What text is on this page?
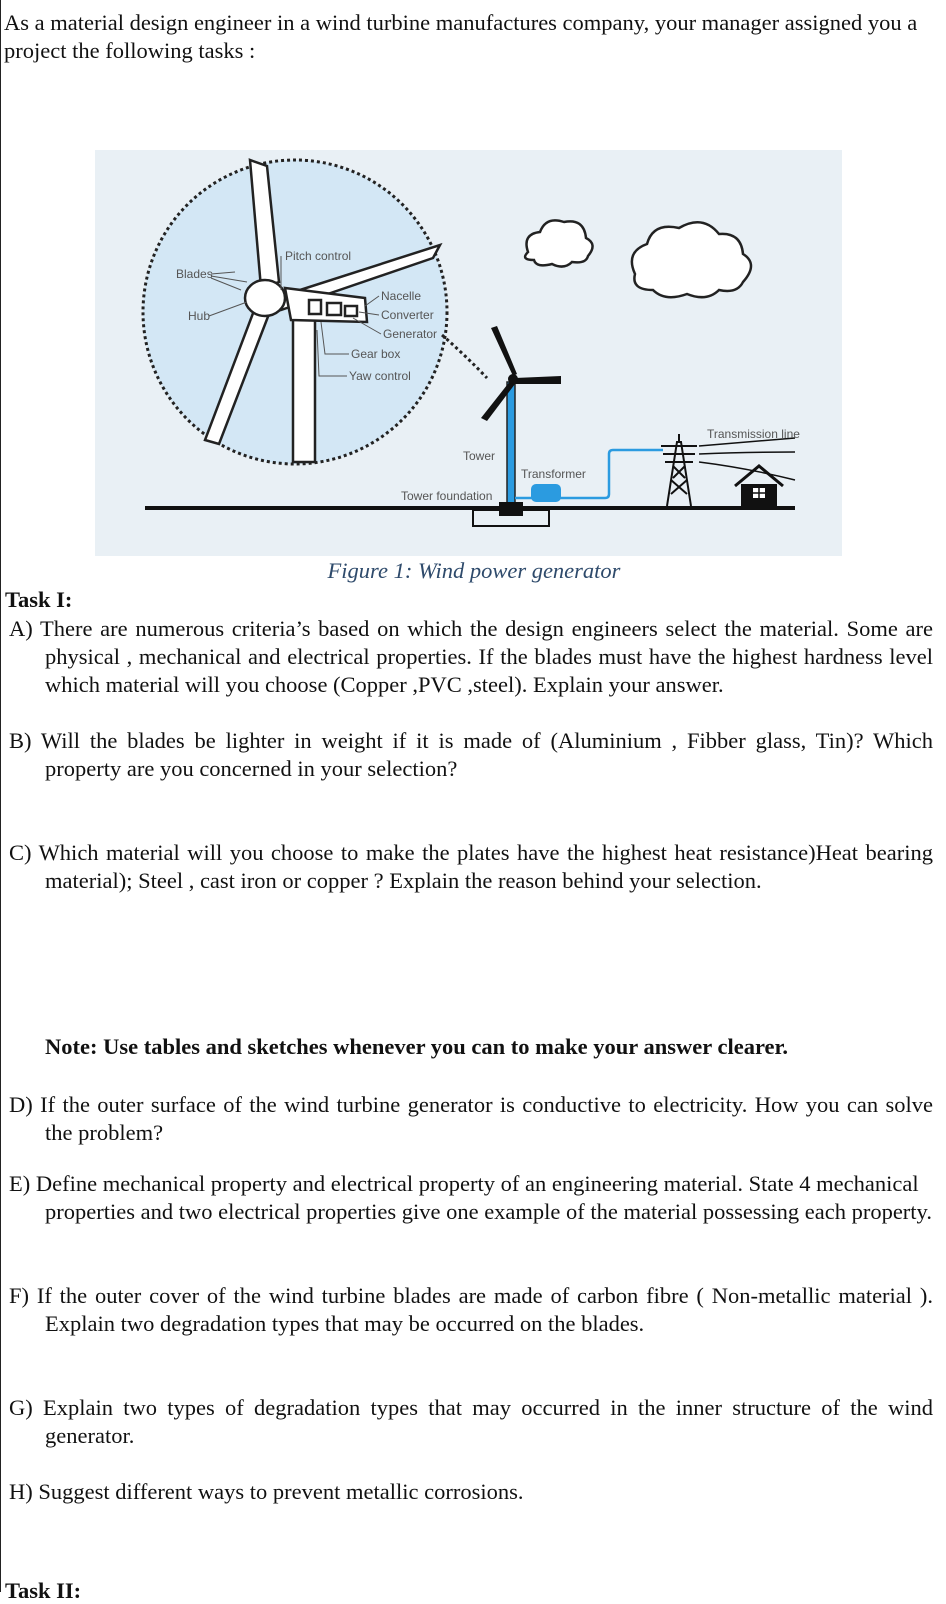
As a material design engineer in a wind turbine manufactures company, your manager assigned you a project the following tasks :
Blades
Hub
Pitch control
Nacelle
Converter
Generator
Gear box
Yaw control
Tower
Transformer
Tower foundation
Transmission line
Figure 1: Wind power generator
Task I:
A) There are numerous criteria’s based on which the design engineers select the material. Some are physical , mechanical and electrical properties. If the blades must have the highest hardness level which material will you choose (Copper ,PVC ,steel). Explain your answer.
B) Will the blades be lighter in weight if it is made of (Aluminium , Fibber glass, Tin)? Which property are you concerned in your selection?
C) Which material will you choose to make the plates have the highest heat resistance)Heat bearing material); Steel , cast iron or copper ? Explain the reason behind your selection.
Note: Use tables and sketches whenever you can to make your answer clearer.
D) If the outer surface of the wind turbine generator is conductive to electricity. How you can solve the problem?
E) Define mechanical property and electrical property of an engineering material. State 4 mechanical properties and two electrical properties give one example of the material possessing each property.
F) If the outer cover of the wind turbine blades are made of carbon fibre ( Non-metallic material ). Explain two degradation types that may be occurred on the blades.
G) Explain two types of degradation types that may occurred in the inner structure of the wind generator.
H) Suggest different ways to prevent metallic corrosions.
Task II:
